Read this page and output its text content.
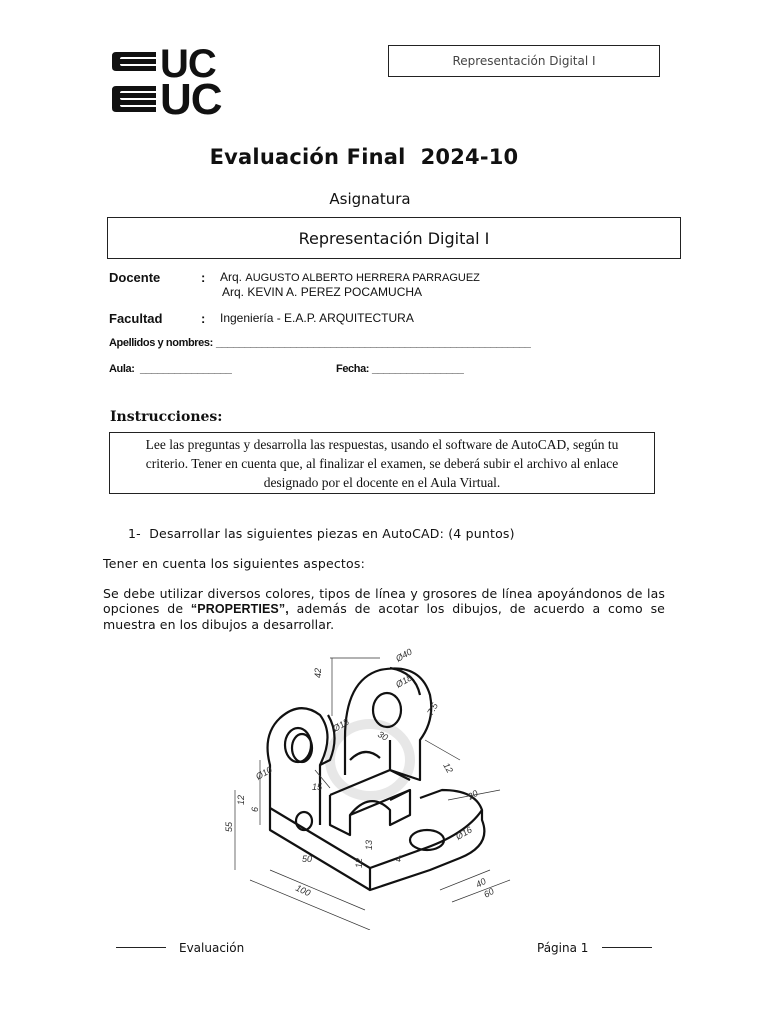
UC
UC
Representación Digital I
Evaluación Final 2024-10
Asignatura
Representación Digital I
Docente	: Arq. AUGUSTO ALBERTO HERRERA PARRAGUEZ
Arq. KEVIN A. PEREZ POCAMUCHA
Facultad	: Ingeniería - E.A.P. ARQUITECTURA
Apellidos y nombres: _______________________________________________________
Aula: ________________	Fecha: ________________
Instrucciones:
Lee las preguntas y desarrolla las respuestas, usando el software de AutoCAD, según tu
criterio. Tener en cuenta que, al finalizar el examen, se deberá subir el archivo al enlace
designado por el docente en el Aula Virtual.
1- Desarrollar las siguientes piezas en AutoCAD: (4 puntos)
Tener en cuenta los siguientes aspectos:
Se debe utilizar diversos colores, tipos de línea y grosores de línea apoyándonos de las opciones de “PROPERTIES”, además de acotar los dibujos, de acuerdo a como se muestra en los dibujos a desarrollar.
42
Ø40
Ø18
7.5
Ø18
30
12
Ø10
15
12
6
55
20
Ø16
13
12
50	4
100	40
60
Evaluación	Página 1
